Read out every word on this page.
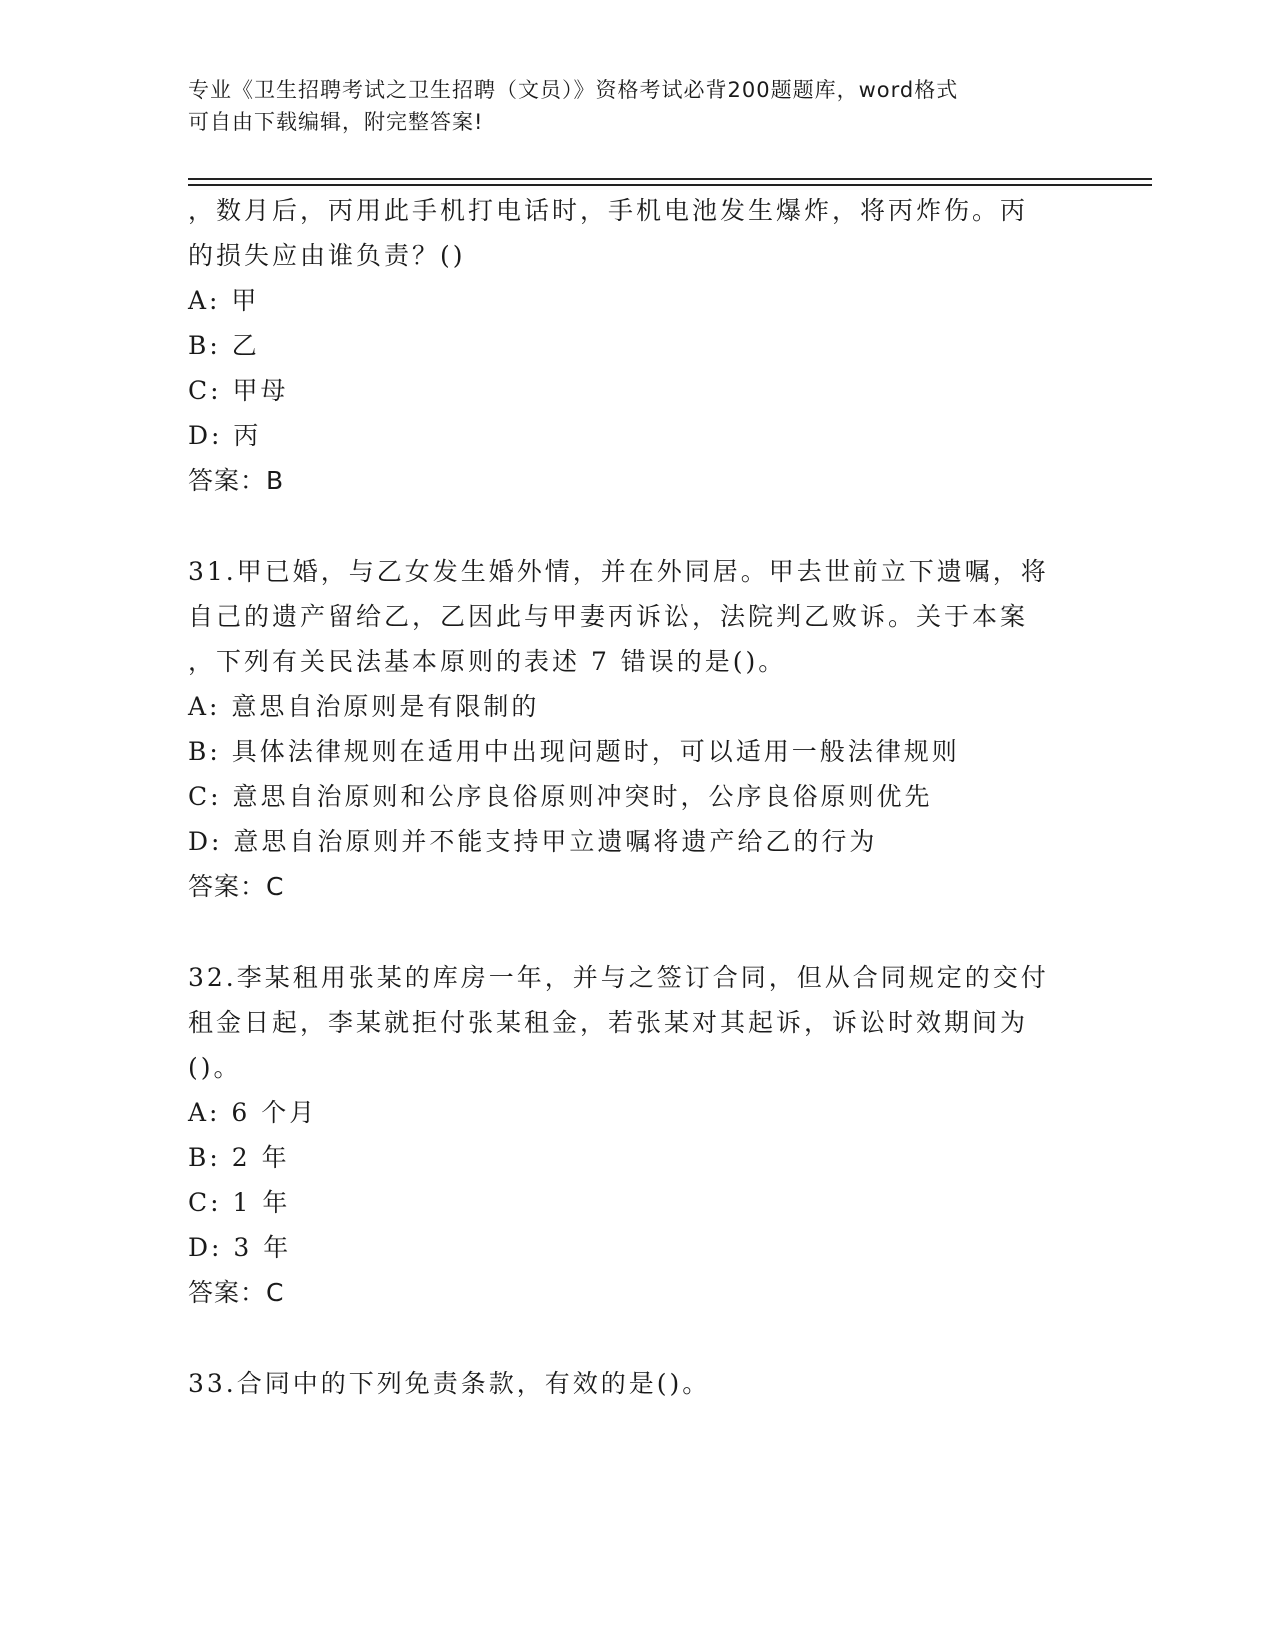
专业《卫生招聘考试之卫生招聘（文员）》资格考试必背200题题库，word格式
可自由下载编辑，附完整答案!
，数月后，丙用此手机打电话时，手机电池发生爆炸，将丙炸伤。丙
的损失应由谁负责？()
A: 甲
B: 乙
C: 甲母
D: 丙
答案：B
31.甲已婚，与乙女发生婚外情，并在外同居。甲去世前立下遗嘱，将
自己的遗产留给乙，乙因此与甲妻丙诉讼，法院判乙败诉。关于本案
，下列有关民法基本原则的表述 7 错误的是()。
A: 意思自治原则是有限制的
B: 具体法律规则在适用中出现问题时，可以适用一般法律规则
C: 意思自治原则和公序良俗原则冲突时，公序良俗原则优先
D: 意思自治原则并不能支持甲立遗嘱将遗产给乙的行为
答案：C
32.李某租用张某的库房一年，并与之签订合同，但从合同规定的交付
租金日起，李某就拒付张某租金，若张某对其起诉，诉讼时效期间为
()。
A: 6 个月
B: 2 年
C: 1 年
D: 3 年
答案：C
33.合同中的下列免责条款，有效的是()。
